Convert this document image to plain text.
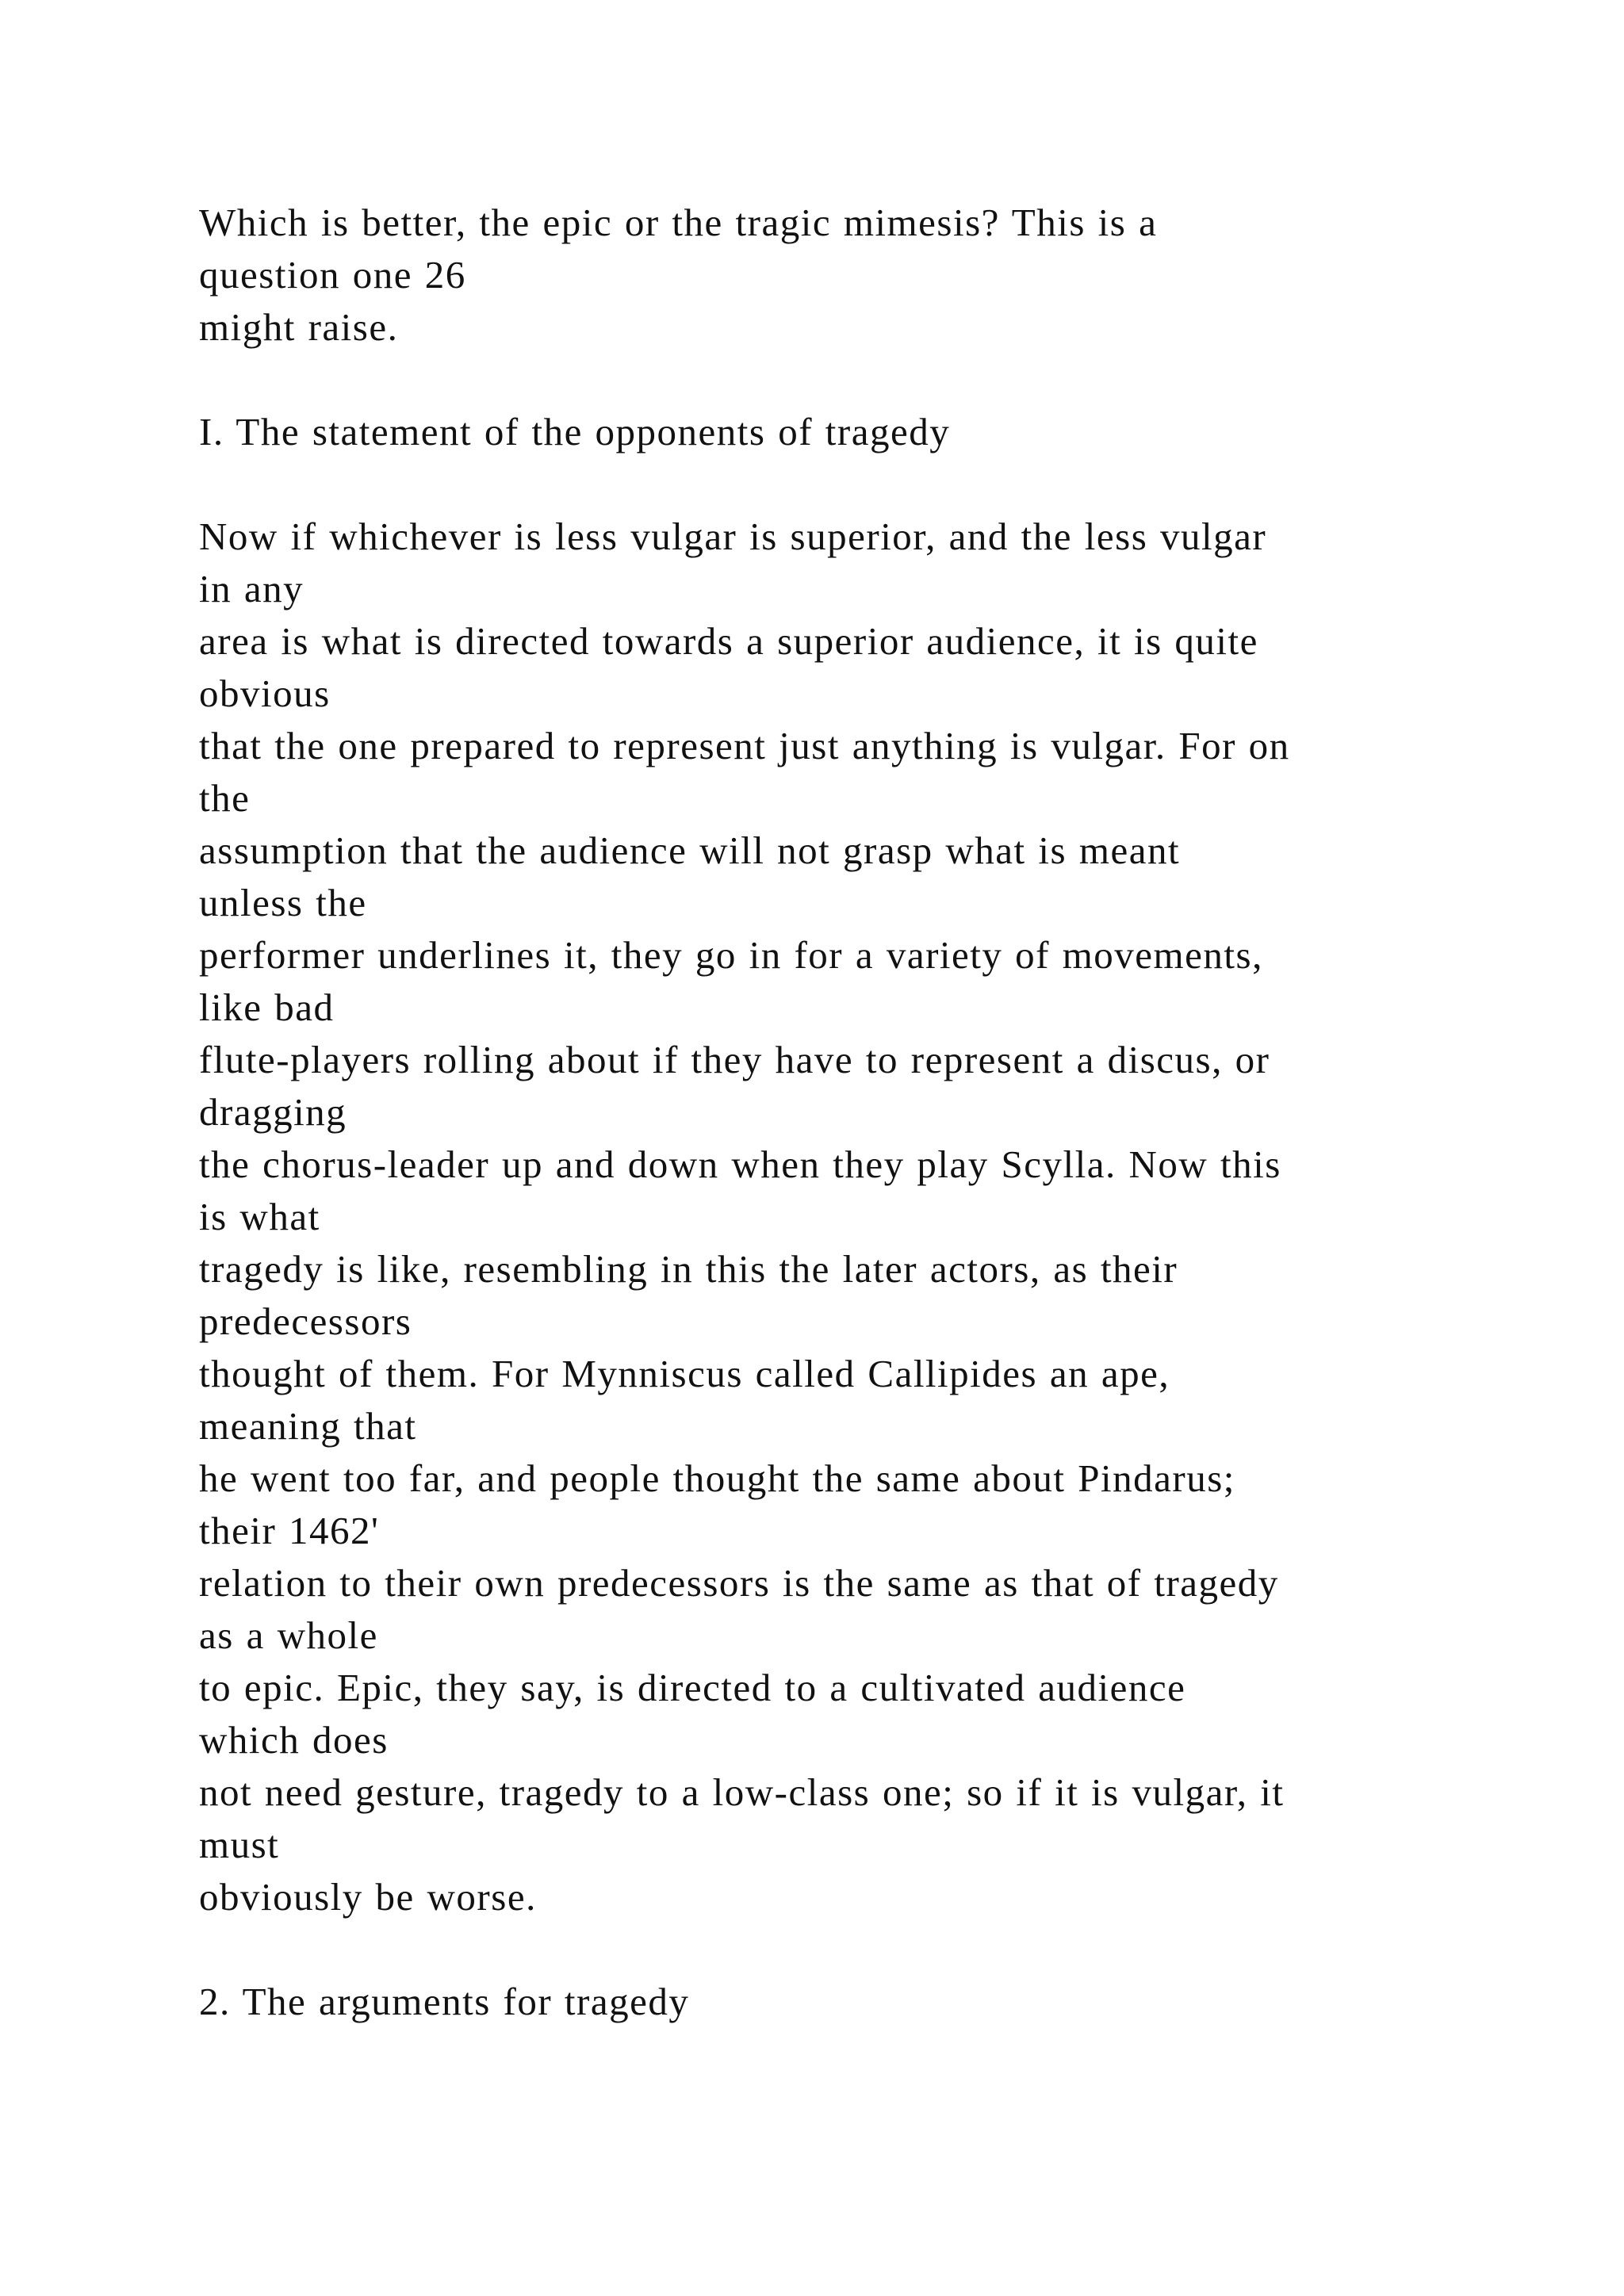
Which is better, the epic or the tragic mimesis? This is a
question one 26
might raise.
I. The statement of the opponents of tragedy
Now if whichever is less vulgar is superior, and the less vulgar
in any
area is what is directed towards a superior audience, it is quite
obvious
that the one prepared to represent just anything is vulgar. For on
the
assumption that the audience will not grasp what is meant
unless the
performer underlines it, they go in for a variety of movements,
like bad
flute-players rolling about if they have to represent a discus, or
dragging
the chorus-leader up and down when they play Scylla. Now this
is what
tragedy is like, resembling in this the later actors, as their
predecessors
thought of them. For Mynniscus called Callipides an ape,
meaning that
he went too far, and people thought the same about Pindarus;
their 1462'
relation to their own predecessors is the same as that of tragedy
as a whole
to epic. Epic, they say, is directed to a cultivated audience
which does
not need gesture, tragedy to a low-class one; so if it is vulgar, it
must
obviously be worse.
2. The arguments for tragedy
